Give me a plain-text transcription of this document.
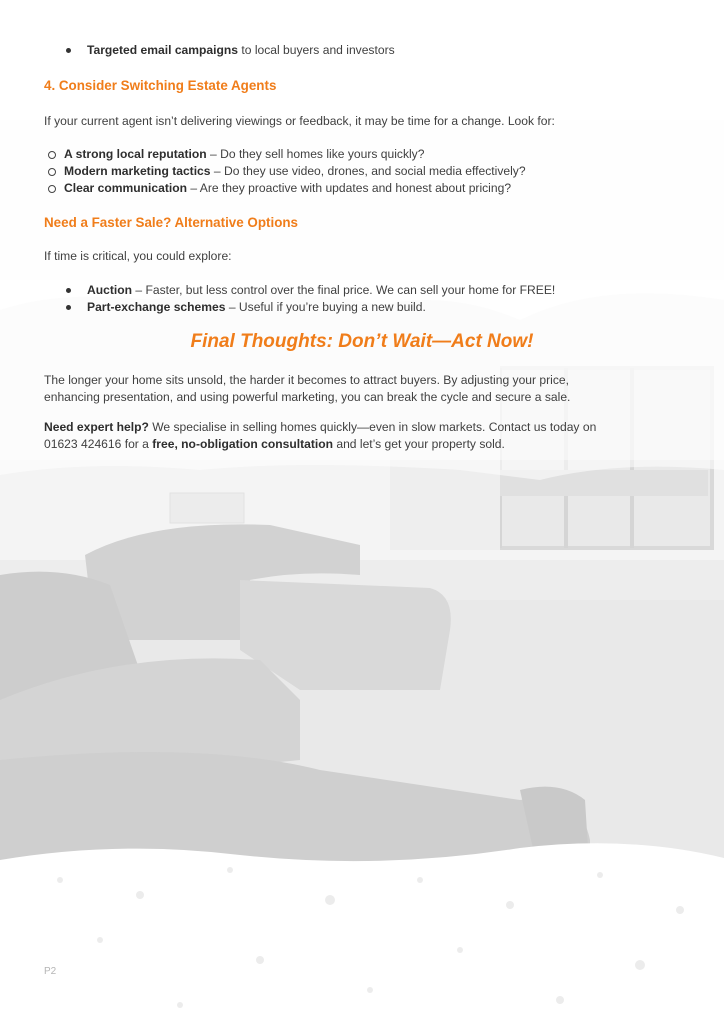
Targeted email campaigns to local buyers and investors
4. Consider Switching Estate Agents
If your current agent isn’t delivering viewings or feedback, it may be time for a change. Look for:
A strong local reputation – Do they sell homes like yours quickly?
Modern marketing tactics – Do they use video, drones, and social media effectively?
Clear communication – Are they proactive with updates and honest about pricing?
Need a Faster Sale? Alternative Options
If time is critical, you could explore:
Auction – Faster, but less control over the final price. We can sell your home for FREE!
Part-exchange schemes – Useful if you’re buying a new build.
Final Thoughts: Don’t Wait—Act Now!
The longer your home sits unsold, the harder it becomes to attract buyers. By adjusting your price,
enhancing presentation, and using powerful marketing, you can break the cycle and secure a sale.
Need expert help? We specialise in selling homes quickly—even in slow markets. Contact us today on
01623 424616 for a free, no-obligation consultation and let’s get your property sold.
P2
